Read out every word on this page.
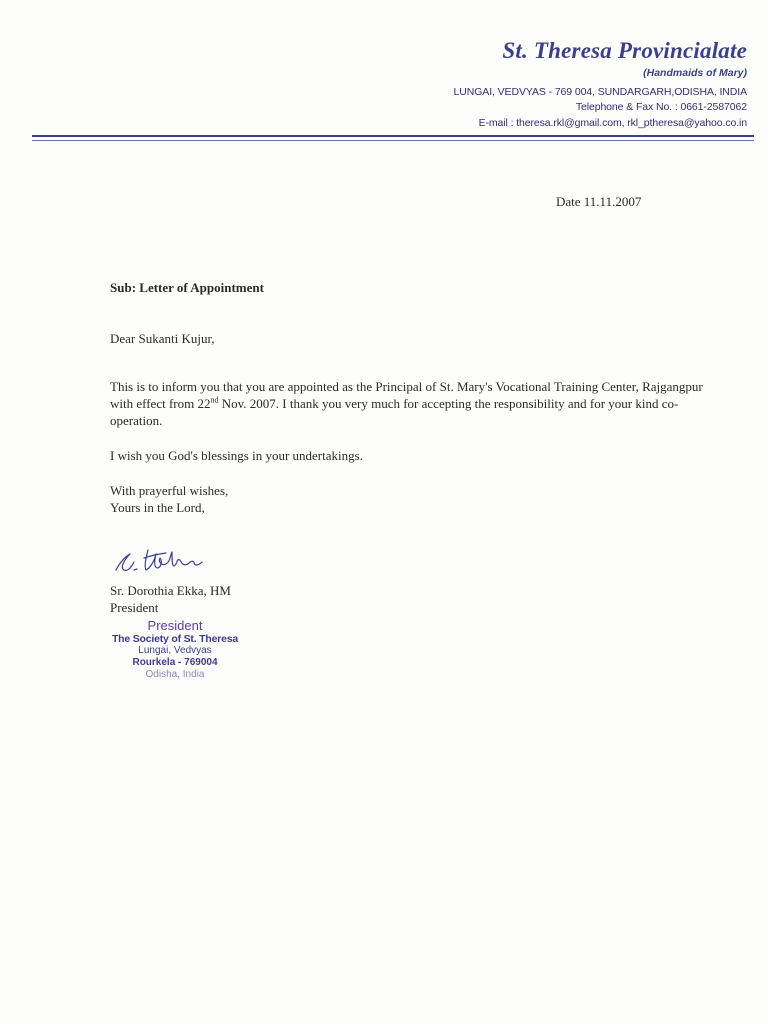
St. Theresa Provincialate
(Handmaids of Mary)
LUNGAI, VEDVYAS - 769 004, SUNDARGARH,ODISHA, INDIA
Telephone & Fax No. : 0661-2587062
E-mail : theresa.rkl@gmail.com, rkl_ptheresa@yahoo.co.in
Date 11.11.2007
Sub: Letter of Appointment
Dear Sukanti Kujur,
This is to inform you that you are appointed as the Principal of St. Mary's Vocational Training Center, Rajgangpur with effect from 22nd Nov. 2007. I thank you very much for accepting the responsibility and for your kind co-operation.
I wish you God's blessings in your undertakings.
With prayerful wishes,
Yours in the Lord,
Sr. Dorothia Ekka, HM
President
President
The Society of St. Theresa
Lungai, Vedvyas
Rourkela - 769004
Odisha, India
